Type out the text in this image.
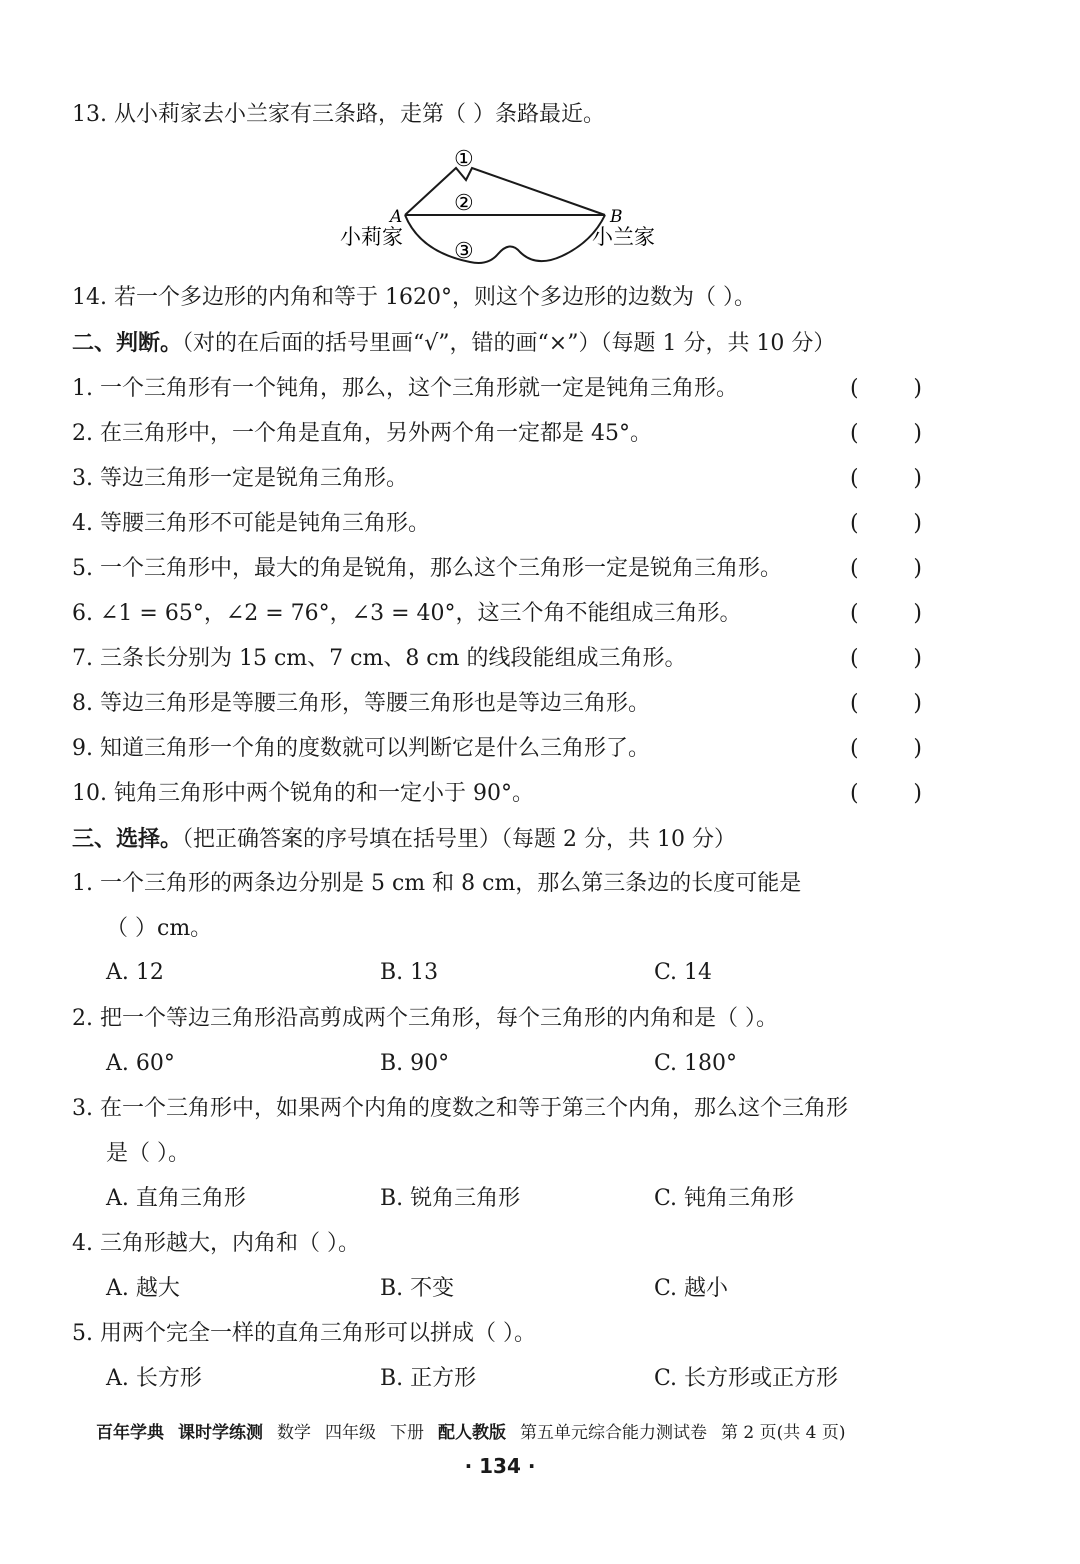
13. 从小莉家去小兰家有三条路，走第（ ）条路最近。
①
②
③
A	B
小莉家	小兰家
14. 若一个多边形的内角和等于 1620°，则这个多边形的边数为（ ）。
二、判断。（对的在后面的括号里画“√”，错的画“×”）（每题 1 分，共 10 分）
1. 一个三角形有一个钝角，那么，这个三角形就一定是钝角三角形。	( )
2. 在三角形中，一个角是直角，另外两个角一定都是 45°。	( )
3. 等边三角形一定是锐角三角形。	( )
4. 等腰三角形不可能是钝角三角形。	( )
5. 一个三角形中，最大的角是锐角，那么这个三角形一定是锐角三角形。	( )
6. ∠1 = 65°，∠2 = 76°，∠3 = 40°，这三个角不能组成三角形。	( )
7. 三条长分别为 15 cm、7 cm、8 cm 的线段能组成三角形。	( )
8. 等边三角形是等腰三角形，等腰三角形也是等边三角形。	( )
9. 知道三角形一个角的度数就可以判断它是什么三角形了。	( )
10. 钝角三角形中两个锐角的和一定小于 90°。	( )
三、选择。（把正确答案的序号填在括号里）（每题 2 分，共 10 分）
1. 一个三角形的两条边分别是 5 cm 和 8 cm，那么第三条边的长度可能是
（ ）cm。
A. 12	B. 13	C. 14
2. 把一个等边三角形沿高剪成两个三角形，每个三角形的内角和是（ ）。
A. 60°	B. 90°	C. 180°
3. 在一个三角形中，如果两个内角的度数之和等于第三个内角，那么这个三角形
是（ ）。
A. 直角三角形	B. 锐角三角形	C. 钝角三角形
4. 三角形越大，内角和（ ）。
A. 越大	B. 不变	C. 越小
5. 用两个完全一样的直角三角形可以拼成（ ）。
A. 长方形	B. 正方形	C. 长方形或正方形
百年学典 课时学练测 数学 四年级 下册 配人教版 第五单元综合能力测试卷 第 2 页(共 4 页)
· 134 ·
